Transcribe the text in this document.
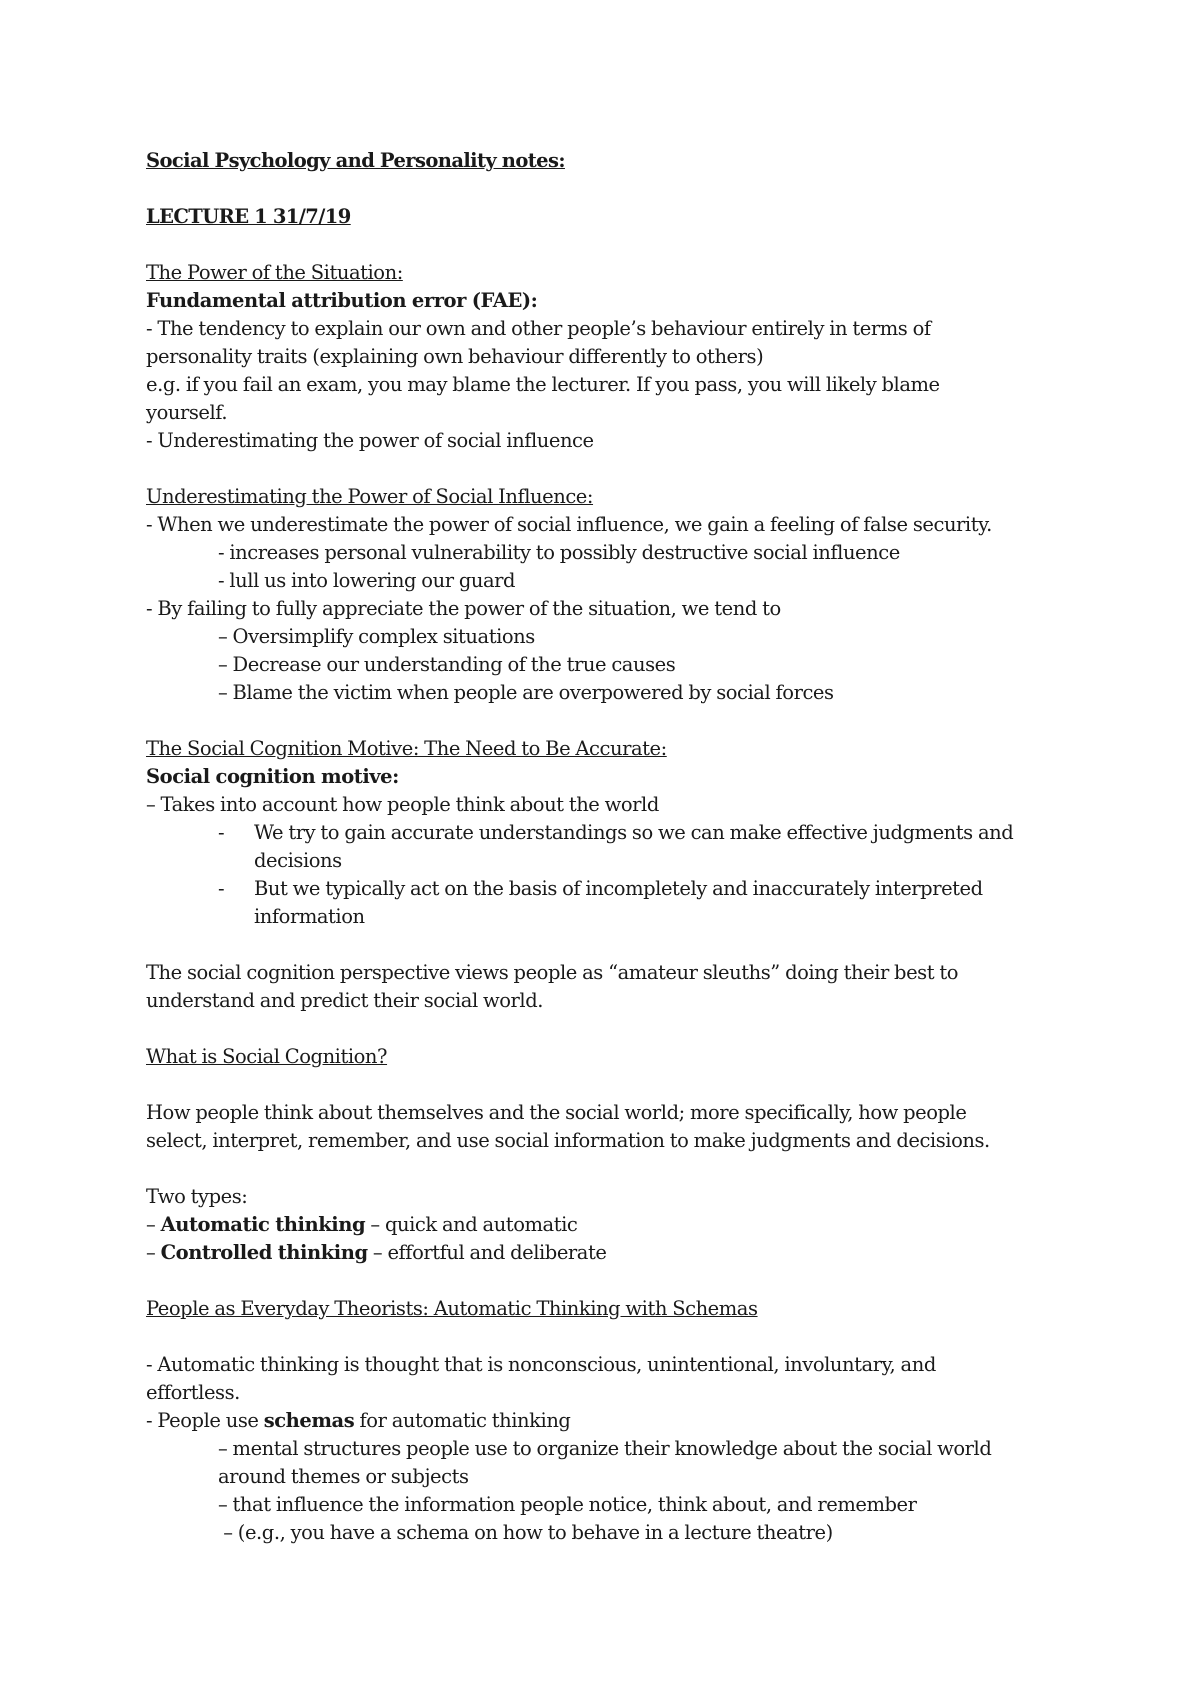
Social Psychology and Personality notes:
LECTURE 1 31/7/19
The Power of the Situation:
Fundamental attribution error (FAE):
- The tendency to explain our own and other people’s behaviour entirely in terms of
personality traits (explaining own behaviour differently to others)
e.g. if you fail an exam, you may blame the lecturer. If you pass, you will likely blame
yourself.
- Underestimating the power of social influence
Underestimating the Power of Social Influence:
- When we underestimate the power of social influence, we gain a feeling of false security.
- increases personal vulnerability to possibly destructive social influence
- lull us into lowering our guard
- By failing to fully appreciate the power of the situation, we tend to
– Oversimplify complex situations
– Decrease our understanding of the true causes
– Blame the victim when people are overpowered by social forces
The Social Cognition Motive: The Need to Be Accurate:
Social cognition motive:
– Takes into account how people think about the world
-	We try to gain accurate understandings so we can make effective judgments and decisions
-	But we typically act on the basis of incompletely and inaccurately interpreted information
The social cognition perspective views people as “amateur sleuths” doing their best to
understand and predict their social world.
What is Social Cognition?
How people think about themselves and the social world; more specifically, how people
select, interpret, remember, and use social information to make judgments and decisions.
Two types:
– Automatic thinking – quick and automatic
– Controlled thinking – effortful and deliberate
People as Everyday Theorists: Automatic Thinking with Schemas
- Automatic thinking is thought that is nonconscious, unintentional, involuntary, and
effortless.
- People use schemas for automatic thinking
– mental structures people use to organize their knowledge about the social world
around themes or subjects
– that influence the information people notice, think about, and remember
– (e.g., you have a schema on how to behave in a lecture theatre)
